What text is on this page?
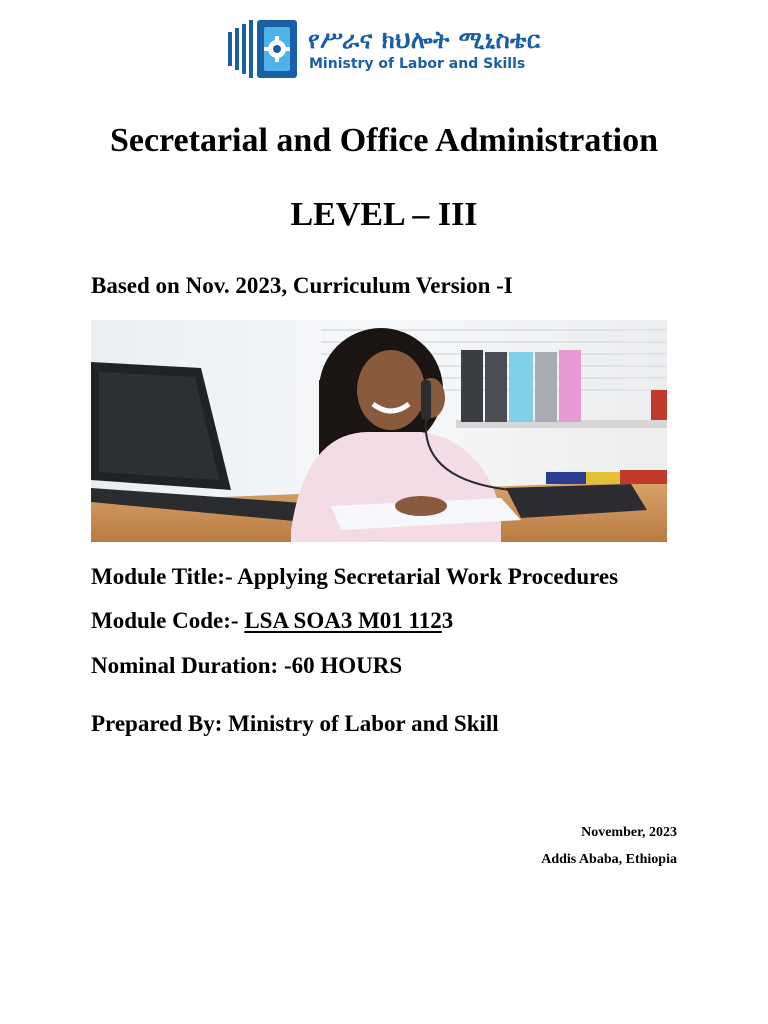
የሥራና ክህሎት ሚኒስቴር
Ministry of Labor and Skills
Secretarial and Office Administration
LEVEL – III
Based on Nov. 2023, Curriculum Version -I
Module Title:- Applying Secretarial Work Procedures
Module Code:- LSA SOA3 M01 1123
Nominal Duration: -60 HOURS
Prepared By: Ministry of Labor and Skill
November, 2023
Addis Ababa, Ethiopia
